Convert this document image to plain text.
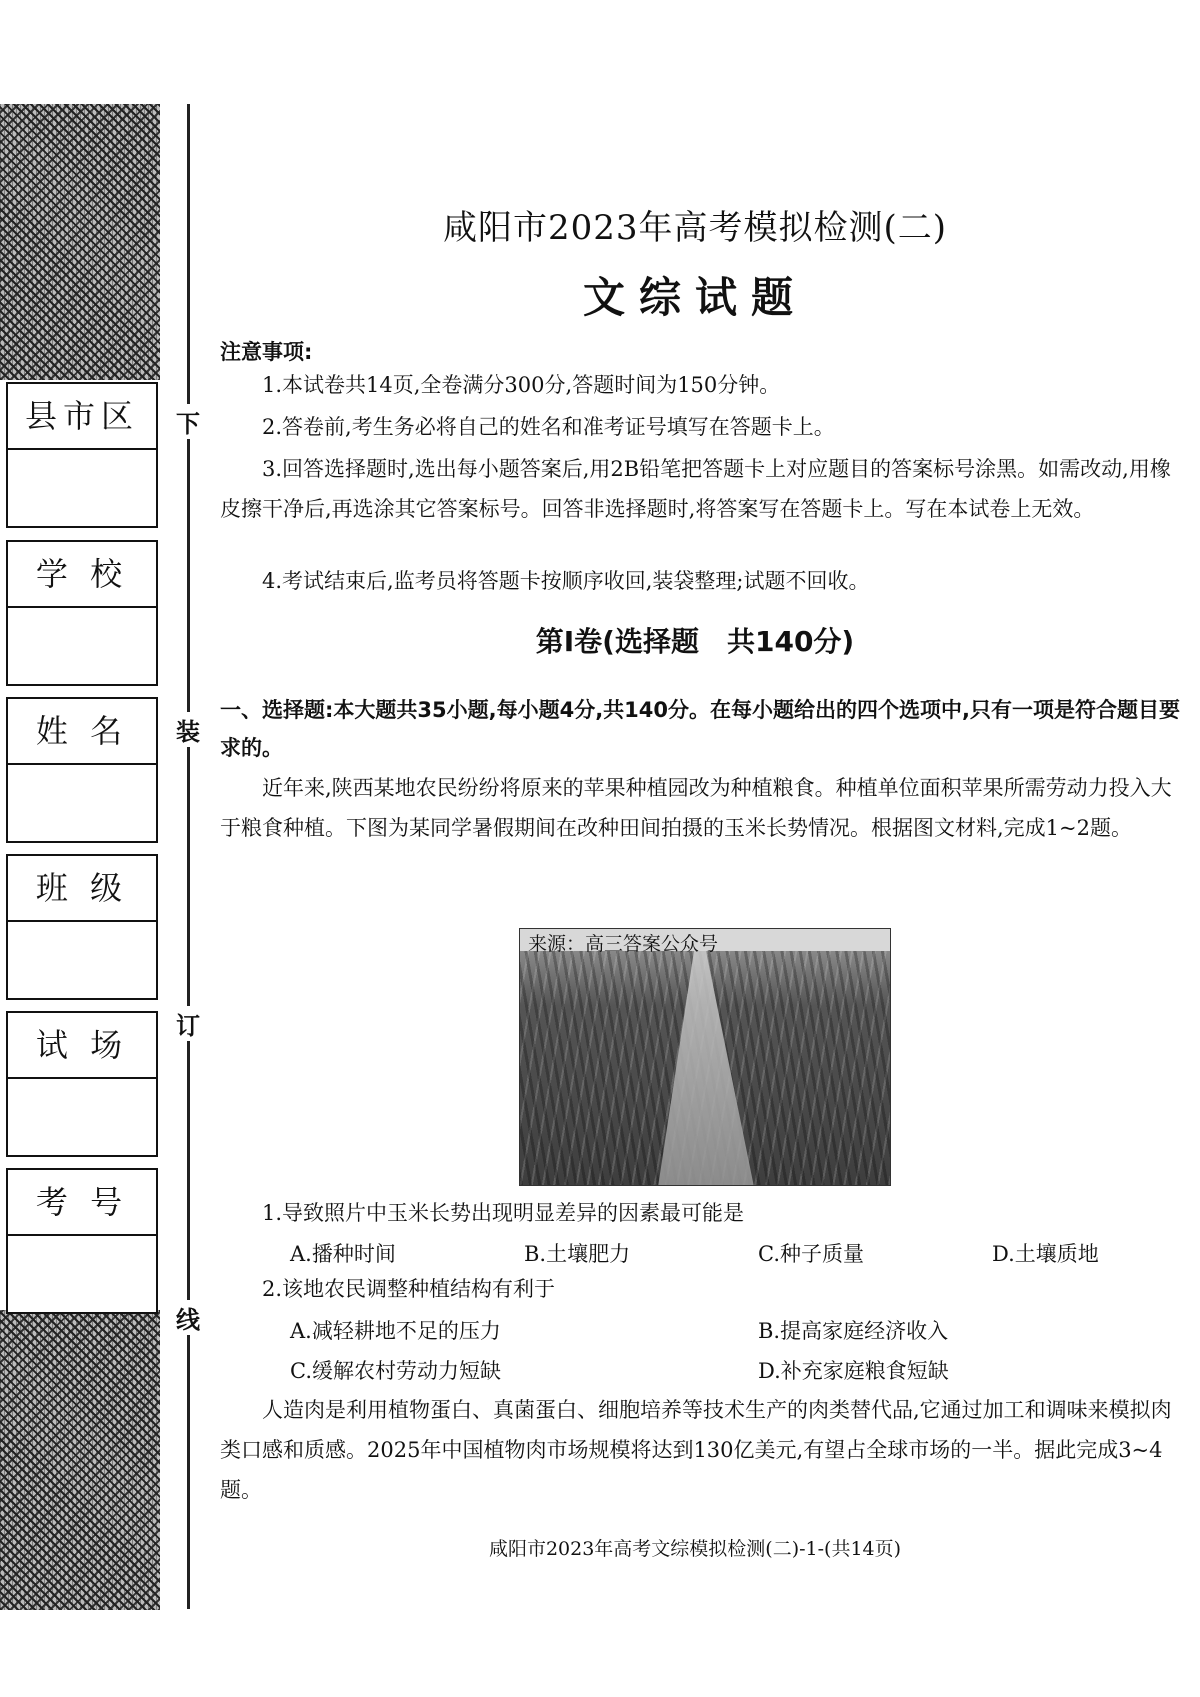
下
装
订
线
县市区
学 校
姓 名
班 级
试 场
考 号
咸阳市2023年高考模拟检测(二)
文综试题
注意事项:
1.本试卷共14页,全卷满分300分,答题时间为150分钟。
2.答卷前,考生务必将自己的姓名和准考证号填写在答题卡上。
3.回答选择题时,选出每小题答案后,用2B铅笔把答题卡上对应题目的答案标号涂黑。如需改动,用橡皮擦干净后,再选涂其它答案标号。回答非选择题时,将答案写在答题卡上。写在本试卷上无效。
4.考试结束后,监考员将答题卡按顺序收回,装袋整理;试题不回收。
第Ⅰ卷(选择题　共140分)
一、选择题:本大题共35小题,每小题4分,共140分。在每小题给出的四个选项中,只有一项是符合题目要求的。
近年来,陕西某地农民纷纷将原来的苹果种植园改为种植粮食。种植单位面积苹果所需劳动力投入大于粮食种植。下图为某同学暑假期间在改种田间拍摄的玉米长势情况。根据图文材料,完成1~2题。
来源：高三答案公众号
1.导致照片中玉米长势出现明显差异的因素最可能是
A.播种时间	B.土壤肥力	C.种子质量	D.土壤质地
2.该地农民调整种植结构有利于
A.减轻耕地不足的压力	B.提高家庭经济收入
C.缓解农村劳动力短缺	D.补充家庭粮食短缺
人造肉是利用植物蛋白、真菌蛋白、细胞培养等技术生产的肉类替代品,它通过加工和调味来模拟肉类口感和质感。2025年中国植物肉市场规模将达到130亿美元,有望占全球市场的一半。据此完成3~4题。
咸阳市2023年高考文综模拟检测(二)-1-(共14页)
